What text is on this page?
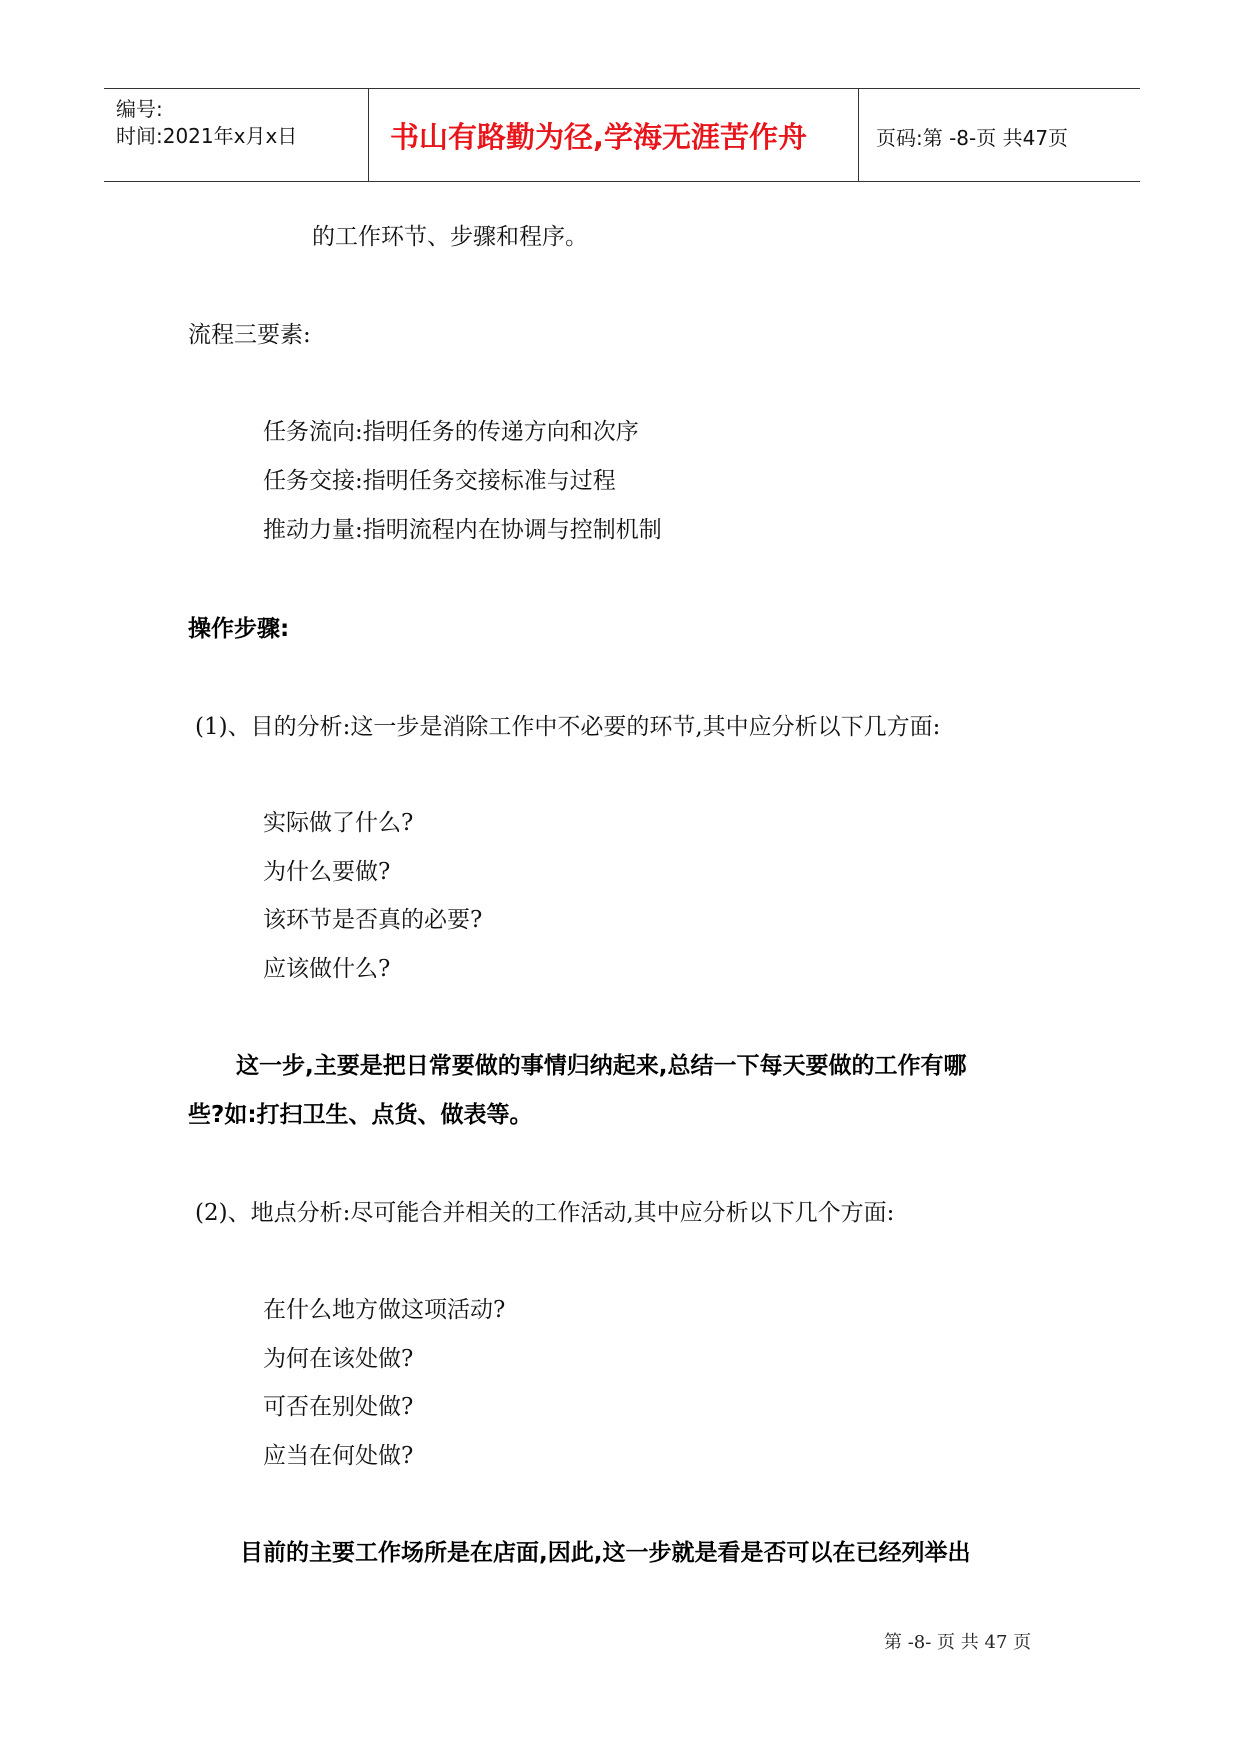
编号:
时间:2021年x月x日	书山有路勤为径,学海无涯苦作舟	页码:第 -8-页 共47页
的工作环节、步骤和程序。
流程三要素:
任务流向:指明任务的传递方向和次序
任务交接:指明任务交接标准与过程
推动力量:指明流程内在协调与控制机制
操作步骤:
(1)、目的分析:这一步是消除工作中不必要的环节,其中应分析以下几方面:
实际做了什么?
为什么要做?
该环节是否真的必要?
应该做什么?
这一步,主要是把日常要做的事情归纳起来,总结一下每天要做的工作有哪
些?如:打扫卫生、点货、做表等。
(2)、地点分析:尽可能合并相关的工作活动,其中应分析以下几个方面:
在什么地方做这项活动?
为何在该处做?
可否在别处做?
应当在何处做?
目前的主要工作场所是在店面,因此,这一步就是看是否可以在已经列举出
第 -8- 页 共 47 页
